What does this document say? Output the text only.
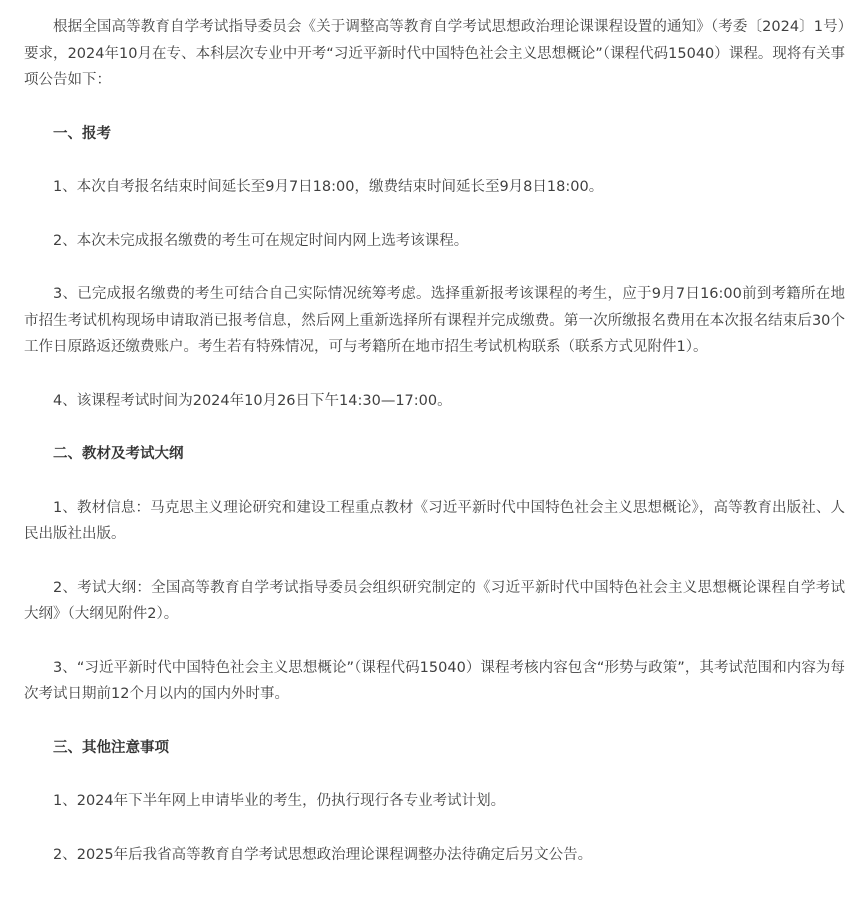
根据全国高等教育自学考试指导委员会《关于调整高等教育自学考试思想政治理论课课程设置的通知》（考委〔2024〕1号）要求，2024年10月在专、本科层次专业中开考“习近平新时代中国特色社会主义思想概论”（课程代码15040）课程。现将有关事项公告如下：

一、报考

1、本次自考报名结束时间延长至9月7日18:00，缴费结束时间延长至9月8日18:00。

2、本次未完成报名缴费的考生可在规定时间内网上选考该课程。

3、已完成报名缴费的考生可结合自己实际情况统筹考虑。选择重新报考该课程的考生，应于9月7日16:00前到考籍所在地市招生考试机构现场申请取消已报考信息，然后网上重新选择所有课程并完成缴费。第一次所缴报名费用在本次报名结束后30个工作日原路返还缴费账户。考生若有特殊情况，可与考籍所在地市招生考试机构联系（联系方式见附件1）。

4、该课程考试时间为2024年10月26日下午14:30—17:00。

二、教材及考试大纲

1、教材信息：马克思主义理论研究和建设工程重点教材《习近平新时代中国特色社会主义思想概论》，高等教育出版社、人民出版社出版。

2、考试大纲：全国高等教育自学考试指导委员会组织研究制定的《习近平新时代中国特色社会主义思想概论课程自学考试大纲》（大纲见附件2）。

3、“习近平新时代中国特色社会主义思想概论”（课程代码15040）课程考核内容包含“形势与政策”，其考试范围和内容为每次考试日期前12个月以内的国内外时事。

三、其他注意事项

1、2024年下半年网上申请毕业的考生，仍执行现行各专业考试计划。

2、2025年后我省高等教育自学考试思想政治理论课程调整办法待确定后另文公告。
